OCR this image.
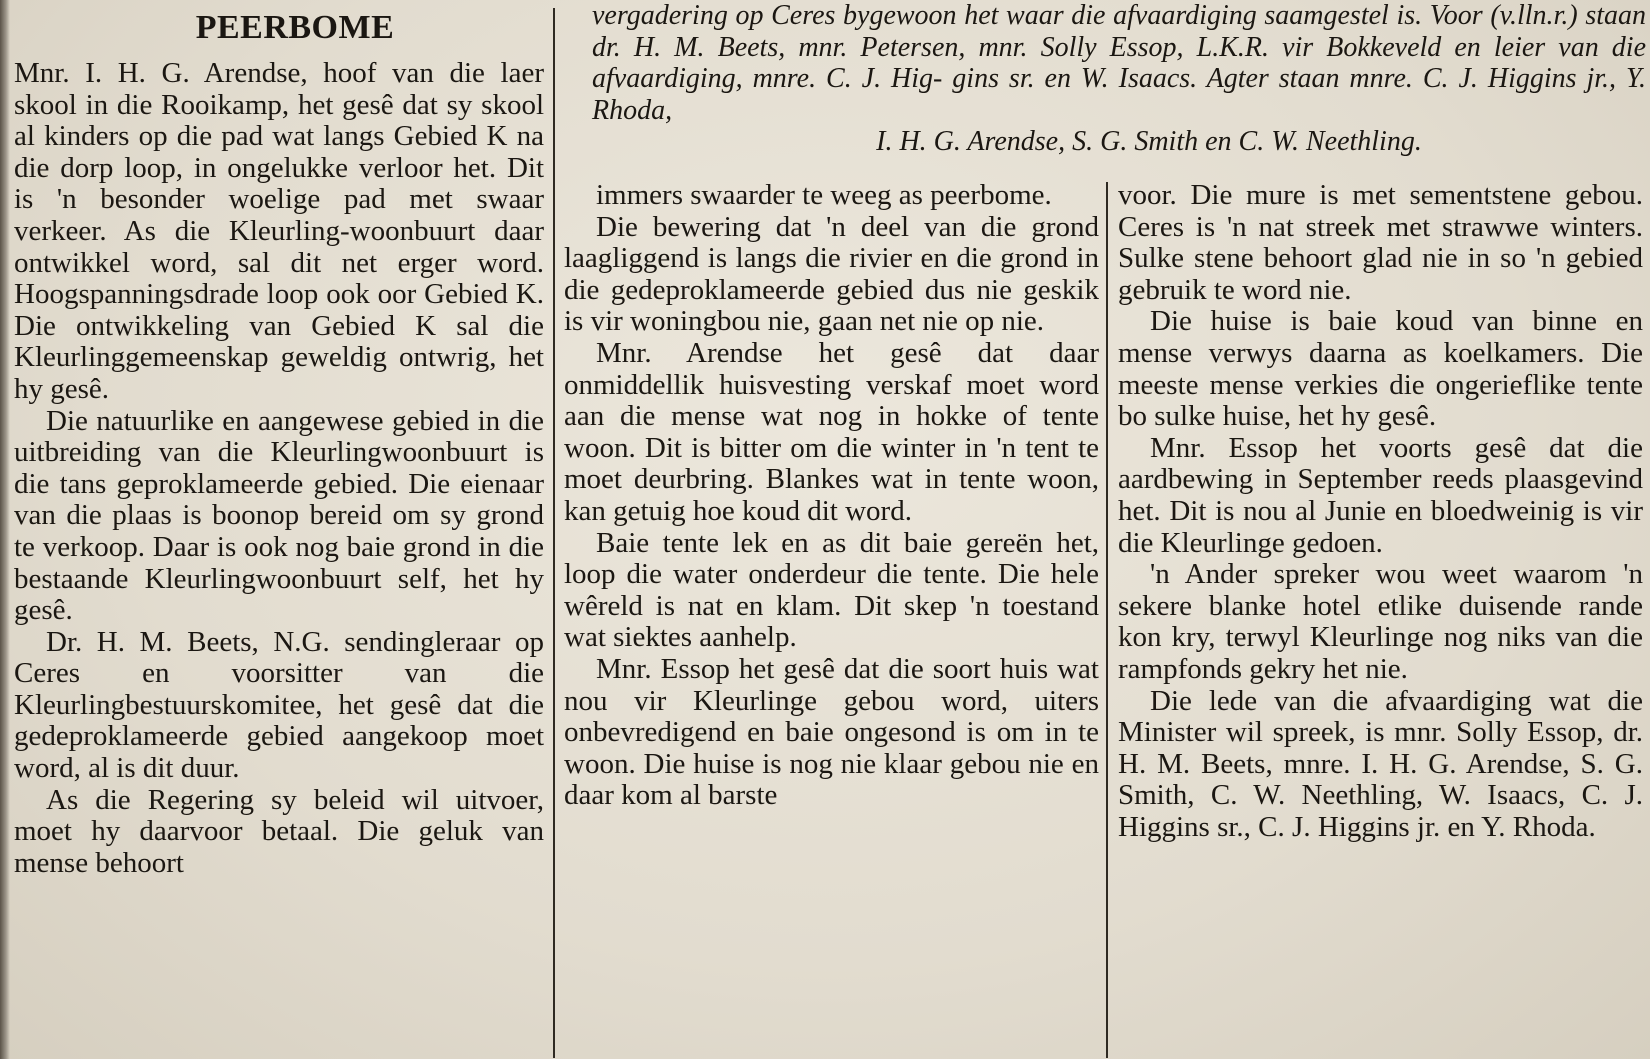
PEERBOME	vergadering op Ceres bygewoon het waar die afvaardiging saamgestel is. Voor (v.lln.r.) staan dr. H. M. Beets, mnr. Petersen, mnr. Solly Essop, L.K.R. vir Bokkeveld en leier van die afvaardiging, mnre. C. J. Hig- gins sr. en W. Isaacs. Agter staan mnre. C. J. Higgins jr., Y. Rhoda,
I. H. G. Arendse, S. G. Smith en C. W. Neethling.

Mnr. I. H. G. Arendse, hoof van die laer skool in die Rooikamp, het gesê dat sy skool al kinders op die pad wat langs Gebied K na die dorp loop, in ongelukke verloor het. Dit is 'n besonder woelige pad met swaar verkeer. As die Kleurling-woonbuurt daar ontwikkel word, sal dit net erger word. Hoogspanningsdrade loop ook oor Gebied K. Die ontwikkeling van Gebied K sal die Kleurlinggemeenskap geweldig ontwrig, het hy gesê.

Die natuurlike en aangewese gebied in die uitbreiding van die Kleurlingwoonbuurt is die tans geproklameerde gebied. Die eienaar van die plaas is boonop bereid om sy grond te verkoop. Daar is ook nog baie grond in die bestaande Kleurlingwoonbuurt self, het hy gesê.

Dr. H. M. Beets, N.G. sendingleraar op Ceres en voorsitter van die Kleurlingbestuurskomitee, het gesê dat die gedeproklameerde gebied aangekoop moet word, al is dit duur.

As die Regering sy beleid wil uitvoer, moet hy daarvoor betaal. Die geluk van mense behoort

immers swaarder te weeg as peerbome.

Die bewering dat 'n deel van die grond laagliggend is langs die rivier en die grond in die gedeproklameerde gebied dus nie geskik is vir woningbou nie, gaan net nie op nie.

Mnr. Arendse het gesê dat daar onmiddellik huisvesting verskaf moet word aan die mense wat nog in hokke of tente woon. Dit is bitter om die winter in 'n tent te moet deurbring. Blankes wat in tente woon, kan getuig hoe koud dit word.

Baie tente lek en as dit baie gereën het, loop die water onderdeur die tente. Die hele wêreld is nat en klam. Dit skep 'n toestand wat siektes aanhelp.

Mnr. Essop het gesê dat die soort huis wat nou vir Kleurlinge gebou word, uiters onbevredigend en baie ongesond is om in te woon. Die huise is nog nie klaar gebou nie en daar kom al barste

voor. Die mure is met sementstene gebou. Ceres is 'n nat streek met strawwe winters. Sulke stene behoort glad nie in so 'n gebied gebruik te word nie.

Die huise is baie koud van binne en mense verwys daarna as koelkamers. Die meeste mense verkies die ongerieflike tente bo sulke huise, het hy gesê.

Mnr. Essop het voorts gesê dat die aardbewing in September reeds plaasgevind het. Dit is nou al Junie en bloedweinig is vir die Kleurlinge gedoen.

'n Ander spreker wou weet waarom 'n sekere blanke hotel etlike duisende rande kon kry, terwyl Kleurlinge nog niks van die rampfonds gekry het nie.

Die lede van die afvaardiging wat die Minister wil spreek, is mnr. Solly Essop, dr. H. M. Beets, mnre. I. H. G. Arendse, S. G. Smith, C. W. Neethling, W. Isaacs, C. J. Higgins sr., C. J. Higgins jr. en Y. Rhoda.
